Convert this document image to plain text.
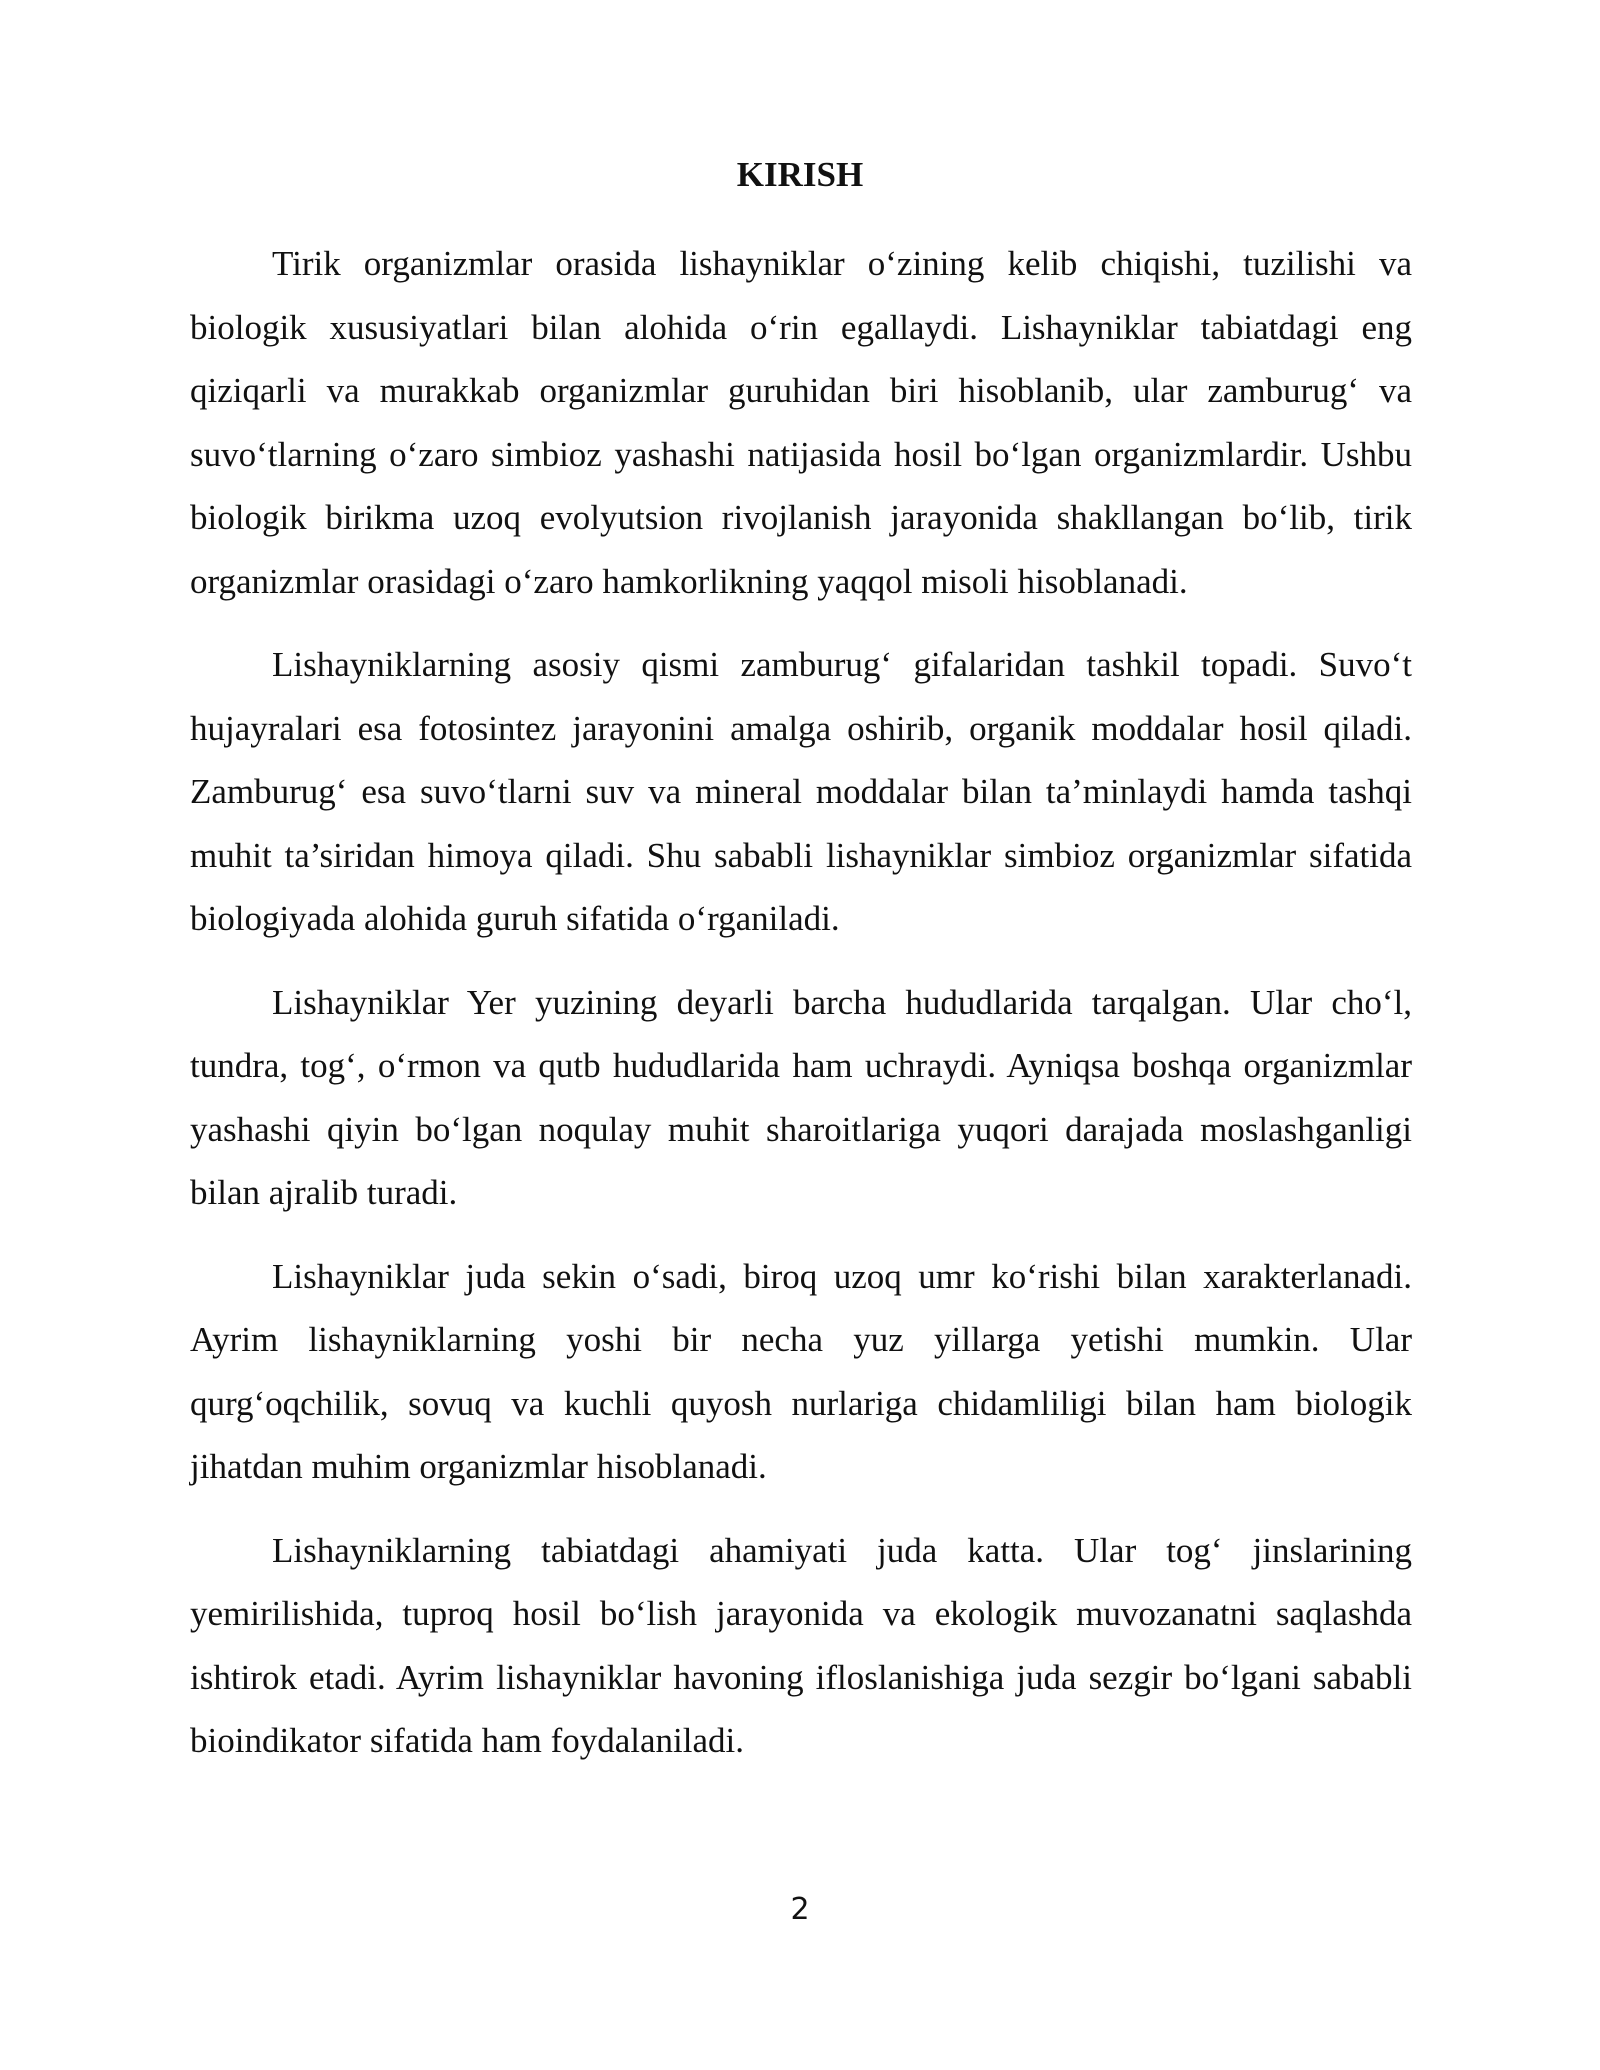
KIRISH

Tirik organizmlar orasida lishayniklar o‘zining kelib chiqishi, tuzilishi va biologik xususiyatlari bilan alohida o‘rin egallaydi. Lishayniklar tabiatdagi eng qiziqarli va murakkab organizmlar guruhidan biri hisoblanib, ular zamburug‘ va suvo‘tlarning o‘zaro simbioz yashashi natijasida hosil bo‘lgan organizmlardir. Ushbu biologik birikma uzoq evolyutsion rivojlanish jarayonida shakllangan bo‘lib, tirik organizmlar orasidagi o‘zaro hamkorlikning yaqqol misoli hisoblanadi.

Lishayniklarning asosiy qismi zamburug‘ gifalaridan tashkil topadi. Suvo‘t hujayralari esa fotosintez jarayonini amalga oshirib, organik moddalar hosil qiladi. Zamburug‘ esa suvo‘tlarni suv va mineral moddalar bilan ta’minlaydi hamda tashqi muhit ta’siridan himoya qiladi. Shu sababli lishayniklar simbioz organizmlar sifatida biologiyada alohida guruh sifatida o‘rganiladi.

Lishayniklar Yer yuzining deyarli barcha hududlarida tarqalgan. Ular cho‘l, tundra, tog‘, o‘rmon va qutb hududlarida ham uchraydi. Ayniqsa boshqa organizmlar yashashi qiyin bo‘lgan noqulay muhit sharoitlariga yuqori darajada moslashganligi bilan ajralib turadi.

Lishayniklar juda sekin o‘sadi, biroq uzoq umr ko‘rishi bilan xarakterlanadi. Ayrim lishayniklarning yoshi bir necha yuz yillarga yetishi mumkin. Ular qurg‘oqchilik, sovuq va kuchli quyosh nurlariga chidamliligi bilan ham biologik jihatdan muhim organizmlar hisoblanadi.

Lishayniklarning tabiatdagi ahamiyati juda katta. Ular tog‘ jinslarining yemirilishida, tuproq hosil bo‘lish jarayonida va ekologik muvozanatni saqlashda ishtirok etadi. Ayrim lishayniklar havoning ifloslanishiga juda sezgir bo‘lgani sababli bioindikator sifatida ham foydalaniladi.

2
